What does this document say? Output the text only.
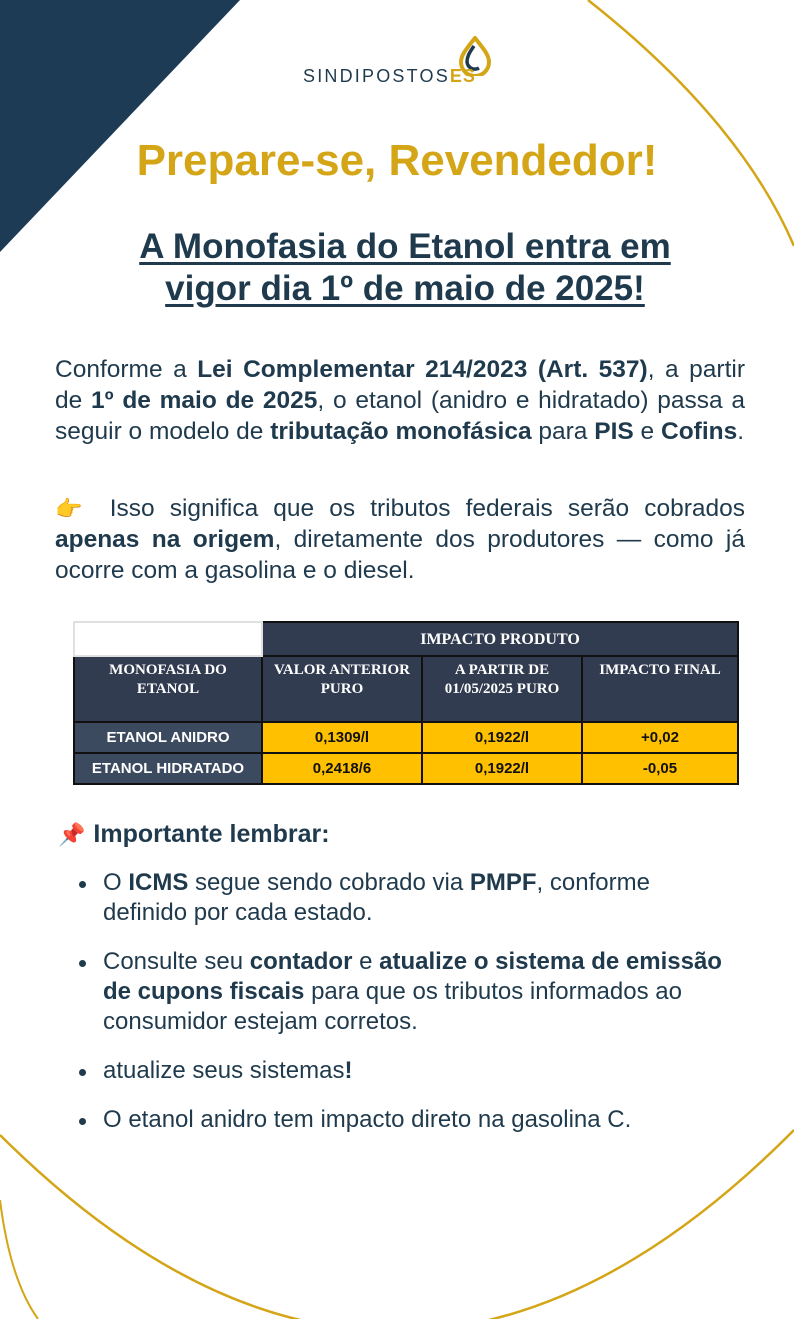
SINDIPOSTOSES
Prepare-se, Revendedor!
A Monofasia do Etanol entra em
vigor dia 1º de maio de 2025!

Conforme a Lei Complementar 214/2023 (Art. 537), a partir de 1º de maio de 2025, o etanol (anidro e hidratado) passa a seguir o modelo de tributação monofásica para PIS e Cofins.

👉 Isso significa que os tributos federais serão cobrados apenas na origem, diretamente dos produtores — como já ocorre com a gasolina e o diesel.

	IMPACTO PRODUTO		
MONOFASIA DO ETANOL	VALOR ANTERIOR PURO	A PARTIR DE 01/05/2025 PURO	IMPACTO FINAL
ETANOL ANIDRO	0,1309/l	0,1922/l	+0,02
ETANOL HIDRATADO	0,2418/6	0,1922/l	-0,05
📌 Importante lembrar:
O ICMS segue sendo cobrado via PMPF, conforme definido por cada estado.
Consulte seu contador e atualize o sistema de emissão de cupons fiscais para que os tributos informados ao consumidor estejam corretos.
atualize seus sistemas!
O etanol anidro tem impacto direto na gasolina C.
